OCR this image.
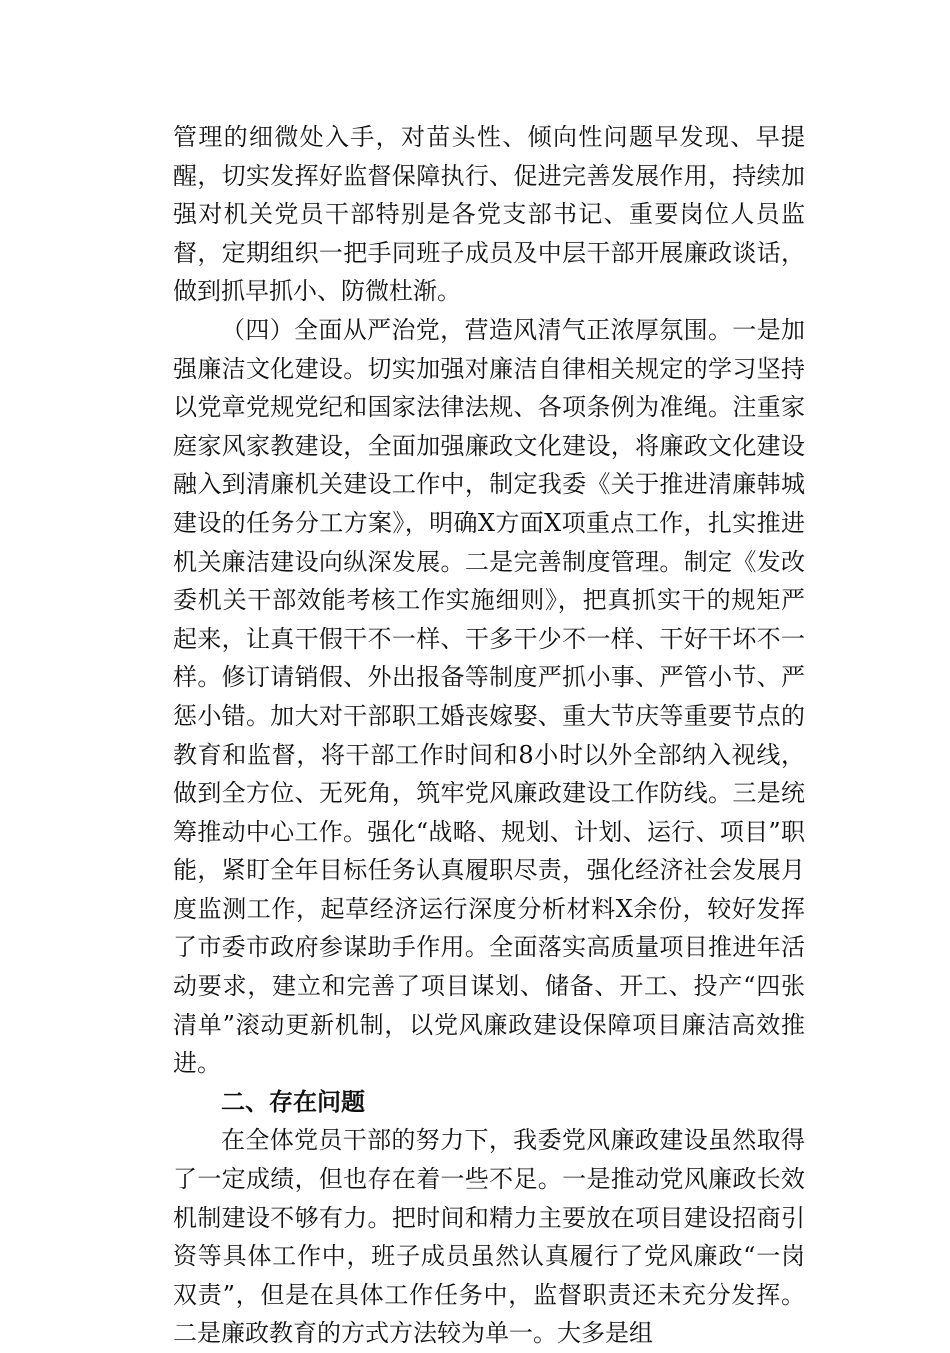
管理的细微处入手，对苗头性、倾向性问题早发现、早提醒，切实发挥好监督保障执行、促进完善发展作用，持续加强对机关党员干部特别是各党支部书记、重要岗位人员监督，定期组织一把手同班子成员及中层干部开展廉政谈话，做到抓早抓小、防微杜渐。

（四）全面从严治党，营造风清气正浓厚氛围。一是加强廉洁文化建设。切实加强对廉洁自律相关规定的学习坚持以党章党规党纪和国家法律法规、各项条例为准绳。注重家庭家风家教建设，全面加强廉政文化建设，将廉政文化建设融入到清廉机关建设工作中，制定我委《关于推进清廉韩城建设的任务分工方案》，明确X方面X项重点工作，扎实推进机关廉洁建设向纵深发展。二是完善制度管理。制定《发改委机关干部效能考核工作实施细则》，把真抓实干的规矩严起来，让真干假干不一样、干多干少不一样、干好干坏不一样。修订请销假、外出报备等制度严抓小事、严管小节、严惩小错。加大对干部职工婚丧嫁娶、重大节庆等重要节点的教育和监督，将干部工作时间和8小时以外全部纳入视线，做到全方位、无死角，筑牢党风廉政建设工作防线。三是统筹推动中心工作。强化“战略、规划、计划、运行、项目”职能，紧盯全年目标任务认真履职尽责，强化经济社会发展月度监测工作，起草经济运行深度分析材料X余份，较好发挥了市委市政府参谋助手作用。全面落实高质量项目推进年活动要求，建立和完善了项目谋划、储备、开工、投产“四张清单”滚动更新机制，以党风廉政建设保障项目廉洁高效推进。

二、存在问题

在全体党员干部的努力下，我委党风廉政建设虽然取得了一定成绩，但也存在着一些不足。一是推动党风廉政长效机制建设不够有力。把时间和精力主要放在项目建设招商引资等具体工作中，班子成员虽然认真履行了党风廉政“一岗双责”，但是在具体工作任务中，监督职责还未充分发挥。二是廉政教育的方式方法较为单一。大多是组
